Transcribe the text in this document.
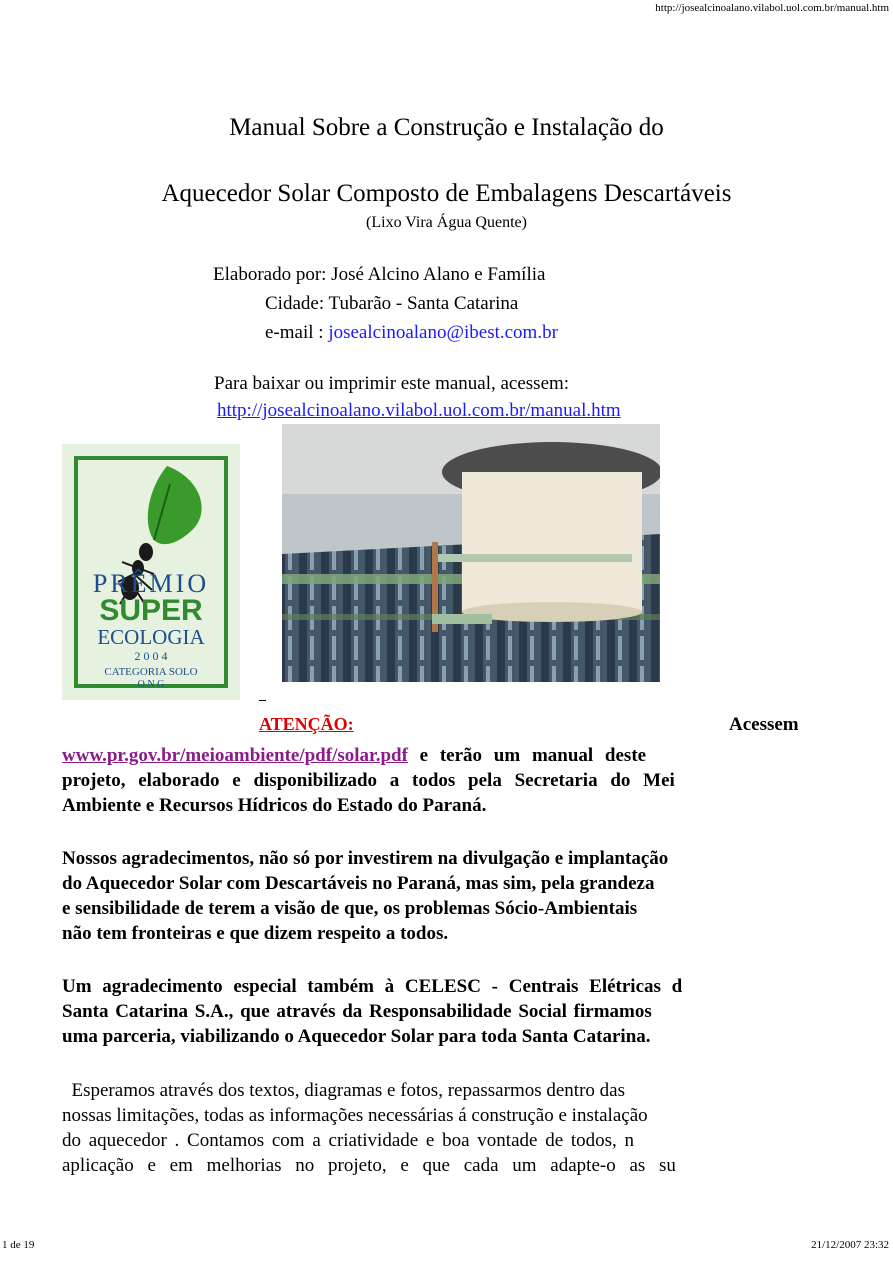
http://josealcinoalano.vilabol.uol.com.br/manual.htm
Manual Sobre a Construção e Instalação do
Aquecedor Solar Composto de Embalagens Descartáveis
(Lixo Vira Água Quente)
Elaborado por: José Alcino Alano e Família
Cidade: Tubarão - Santa Catarina
e-mail : josealcinoalano@ibest.com.br
Para baixar ou imprimir este manual, acessem:
http://josealcinoalano.vilabol.uol.com.br/manual.htm
PRÊMIO
SUPER
ECOLOGIA
2 0 0 4
CATEGORIA SOLO
O N G
ATENÇÃO:	Acessem
www.pr.gov.br/meioambiente/pdf/solar.pdf e terão um manual deste
projeto, elaborado e disponibilizado a todos pela Secretaria do Mei
Ambiente e Recursos Hídricos do Estado do Paraná.
Nossos agradecimentos, não só por investirem na divulgação e implantação
do Aquecedor Solar com Descartáveis no Paraná, mas sim, pela grandeza
e sensibilidade de terem a visão de que, os problemas Sócio-Ambientais
não tem fronteiras e que dizem respeito a todos.
Um agradecimento especial também à CELESC - Centrais Elétricas d
Santa Catarina S.A., que através da Responsabilidade Social firmamos
uma parceria, viabilizando o Aquecedor Solar para toda Santa Catarina.
Esperamos através dos textos, diagramas e fotos, repassarmos dentro das
nossas limitações, todas as informações necessárias á construção e instalação
do aquecedor . Contamos com a criatividade e boa vontade de todos, n
aplicação e em melhorias no projeto, e que cada um adapte-o as su
1 de 19	21/12/2007 23:32
